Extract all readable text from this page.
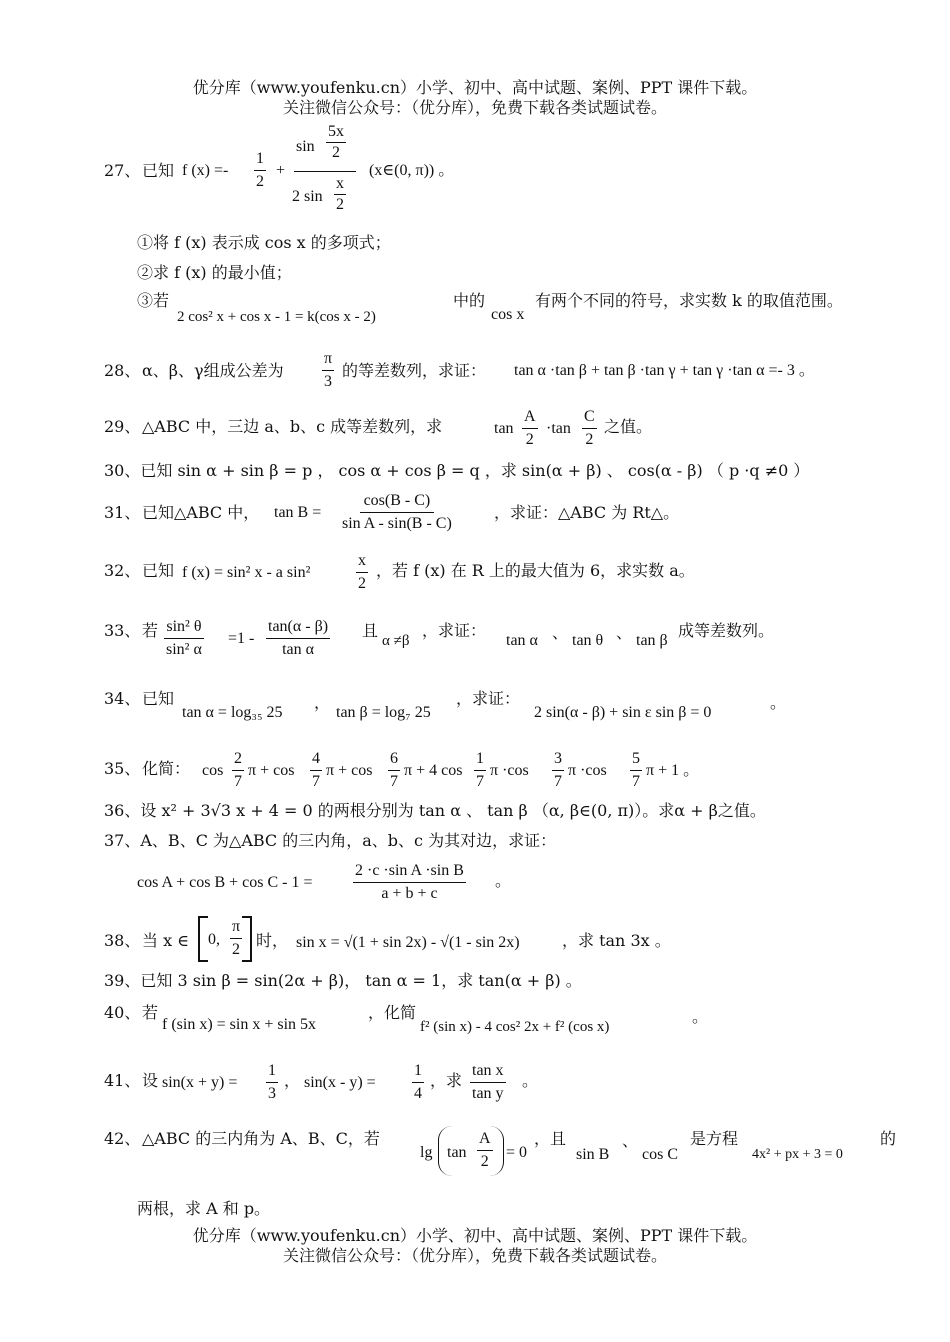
优分库（www.youfenku.cn）小学、初中、高中试题、案例、PPT 课件下载。
关注微信公众号：（优分库），免费下载各类试题试卷。
27、 已知 f $(x) =- \frac{1}{2} + \frac{\sin \frac{5x}{2}}{2 \sin \frac{x}{2}}$ (x∈(0, π)) 。
①将 f (x) 表示成 cos x 的多项式；
②求 f (x) 的最小值；
③若
2 cos² x + cos x - 1 = k(cos x - 2)
中的
cos x
有两个不同的符号，求实数 k 的取值范围。
28、 α、β、γ组成公差为 $\frac{\pi}{3}$ 的等差数列，求证： tan α ·tan β + tan β ·tan γ + tan γ ·tan α =- 3 。
29、 △ABC 中，三边 a、b、c 成等差数列，求	$\tan \frac{A}{2} \cdot\tan \frac{C}{2}$ 之值。
30、已知 sin α + sin β = p ， cos α + cos β = q ，求 sin(α + β) 、 cos(α - β) （ p ·q ≠0 ）
31、 已知△ABC 中， $\tan B = \frac{\cos(B - C)}{\text{sin A - sin(B - C)}}$	，求证：△ABC 为 Rt△。
32、 已知 f (x) = sin² x - a sin²	$\frac{x}{2}$ ，若 f (x) 在 R 上的最大值为 6，求实数 a。
33、 若 $\frac{\text{sin² θ}}{\text{sin² α}} =1 - \frac{\tan(\alpha - \beta)}{\text{tan α}}$ 且
α ≠β
，求证：
tan α 、 tan θ 、 tan β
成等差数列。
34、 已知
tan α = log₃₅ 25
，
tan β = log₇ 25
，求证：
2 sin(α - β) + sin ε sin β = 0
。
35、 化简： $\cos \frac{2}{7}$ $\pi + \cos \frac{4}{7}$ $\pi + \cos \frac{6}{7}$ π + 4 $\cos \frac{1}{7}$ $\pi \cdot\cos \frac{3}{7}$ $\pi \cdot\cos \frac{5}{7}$ π + 1 。
36、设 x² + 3√3 x + 4 = 0 的两根分别为 tan α 、 tan β （α, β∈(0, π)）。求α + β之值。
37、A、B、C 为△ABC 的三内角，a、b、c 为其对边，求证：
cos A + cos B + cos C - 1 =	$\frac{\text{2 ·c ·sin A ·sin B}}{a + b + c}$ 。
38、 当 x ∈ 0, $\frac{\pi}{2}$ 时， sin x = √(1 + sin 2x) - √(1 - sin 2x)	，求 tan 3x 。
39、已知 3 sin β = sin(2α + β)， tan α = 1，求 tan(α + β) 。
40、 若
f (sin x) = sin x + sin 5x
，化简
f² (sin x) - 4 cos² 2x + f² (cos x)
。
41、 设 $\sin(x + y) = \frac{1}{3}$ ， $\sin(x - y) = \frac{1}{4}$ ，求 $\frac{\text{tan x}}{\text{tan y}}$ 。
42、 △ABC 的三内角为 A、B、C，若
$\lg \tan \frac{A}{2} = 0$
，且
sin B
、
cos C
是方程
4x² + px + 3 = 0
的
两根，求 A 和 p。
优分库（www.youfenku.cn）小学、初中、高中试题、案例、PPT 课件下载。
关注微信公众号：（优分库），免费下载各类试题试卷。
